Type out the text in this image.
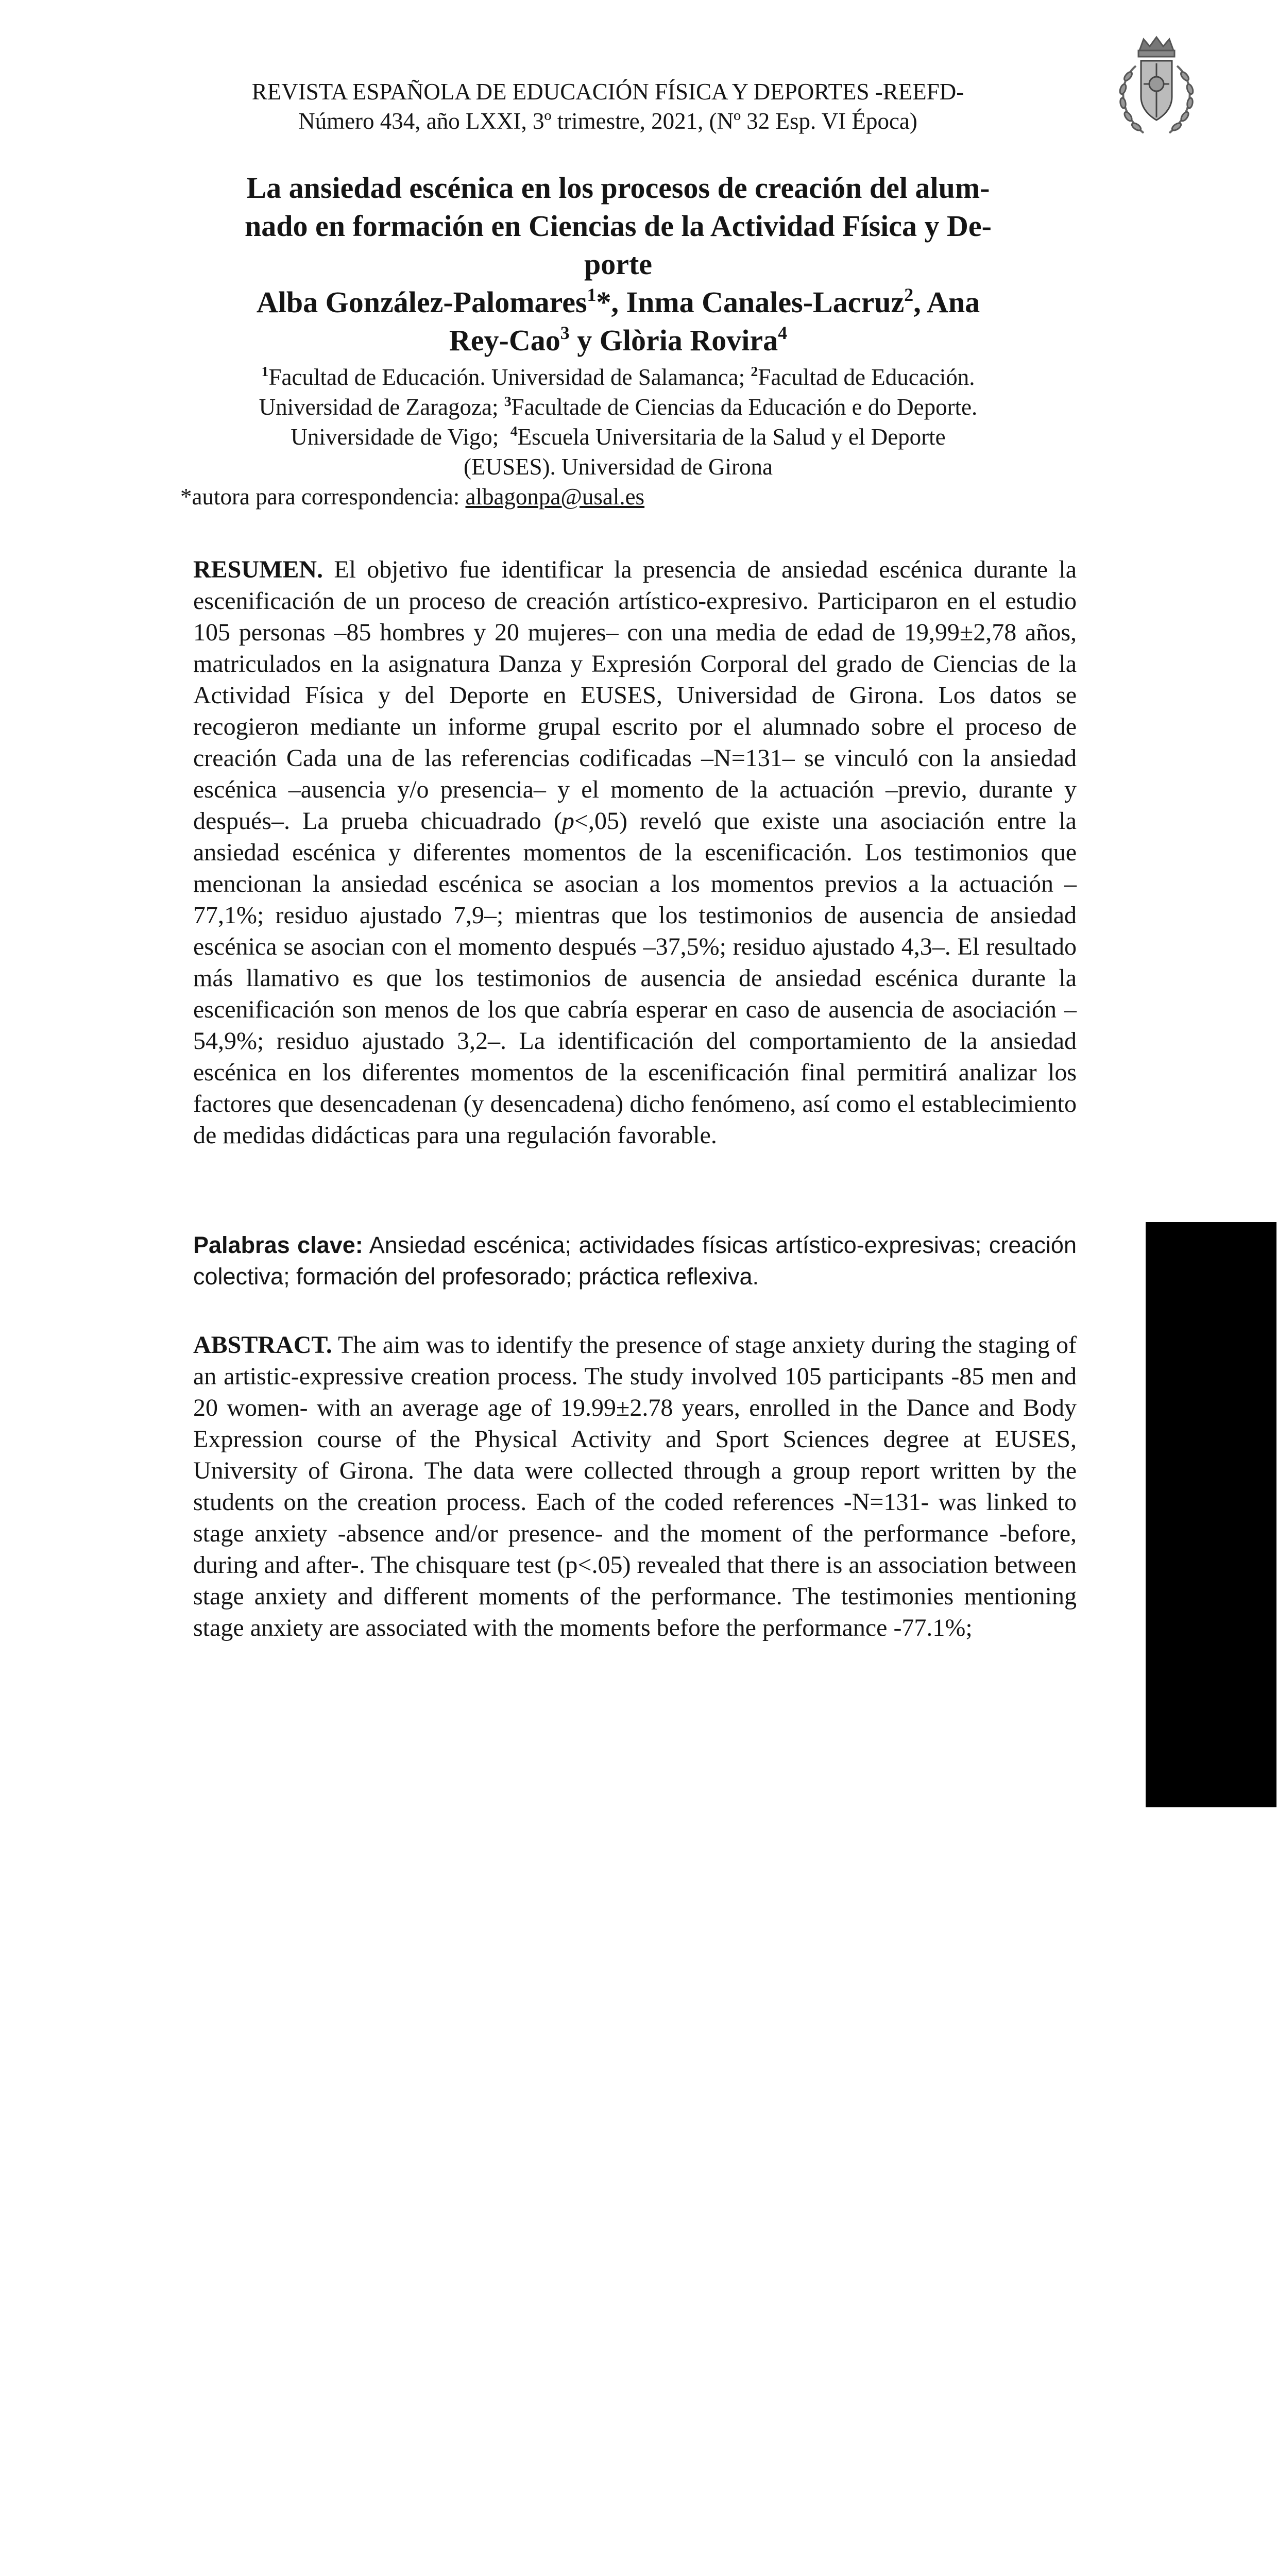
REVISTA ESPAÑOLA DE EDUCACIÓN FÍSICA Y DEPORTES -REEFD-
Número 434, año LXXI, 3º trimestre, 2021, (Nº 32 Esp. VI Época)
La ansiedad escénica en los procesos de creación del alum-
nado en formación en Ciencias de la Actividad Física y De-
porte
Alba González-Palomares$^1$*, Inma Canales-Lacruz$^2$, Ana
Rey-Cao$^3$ y Glòria Rovira$^4$
$^1$Facultad de Educación. Universidad de Salamanca; $^2$Facultad de Educación.
Universidad de Zaragoza; $^3$Facultade de Ciencias da Educación e do Deporte.
Universidade de Vigo;  $^4$Escuela Universitaria de la Salud y el Deporte
(EUSES). Universidad de Girona

*autora para correspondencia: albagonpa@usal.es

RESUMEN. El objetivo fue identificar la presencia de ansiedad escénica durante la escenificación de un proceso de creación artístico-expresivo. Participaron en el estudio 105 personas –85 hombres y 20 mujeres– con una media de edad de 19,99±2,78 años, matriculados en la asignatura Danza y Expresión Corporal del grado de Ciencias de la Actividad Física y del Deporte en EUSES, Universidad de Girona. Los datos se recogieron mediante un informe grupal escrito por el alumnado sobre el proceso de creación Cada una de las referencias codificadas –N=131– se vinculó con la ansiedad escénica –ausencia y/o presencia– y el momento de la actuación –previo, durante y después–. La prueba chicuadrado (p<,05) reveló que existe una asociación entre la ansiedad escénica y diferentes momentos de la escenificación. Los testimonios que mencionan la ansiedad escénica se asocian a los momentos previos a la actuación –77,1%; residuo ajustado 7,9–; mientras que los testimonios de ausencia de ansiedad escénica se asocian con el momento después –37,5%; residuo ajustado 4,3–. El resultado más llamativo es que los testimonios de ausencia de ansiedad escénica durante la escenificación son menos de los que cabría esperar en caso de ausencia de asociación –54,9%; residuo ajustado 3,2–. La identificación del comportamiento de la ansiedad escénica en los diferentes momentos de la escenificación final permitirá analizar los factores que desencadenan (y desencadena) dicho fenómeno, así como el establecimiento de medidas didácticas para una regulación favorable.
Palabras clave: Ansiedad escénica; actividades físicas artístico-expresivas; creación colectiva; formación del profesorado; práctica reflexiva.
ABSTRACT. The aim was to identify the presence of stage anxiety during the staging of an artistic-expressive creation process. The study involved 105 participants -85 men and 20 women- with an average age of 19.99±2.78 years, enrolled in the Dance and Body Expression course of the Physical Activity and Sport Sciences degree at EUSES, University of Girona. The data were collected through a group report written by the students on the creation process. Each of the coded references -N=131- was linked to stage anxiety -absence and/or presence- and the moment of the performance -before, during and after-. The chisquare test (p<.05) revealed that there is an association between stage anxiety and different moments of the performance. The testimonies mentioning stage anxiety are associated with the moments before the performance -77.1%;
